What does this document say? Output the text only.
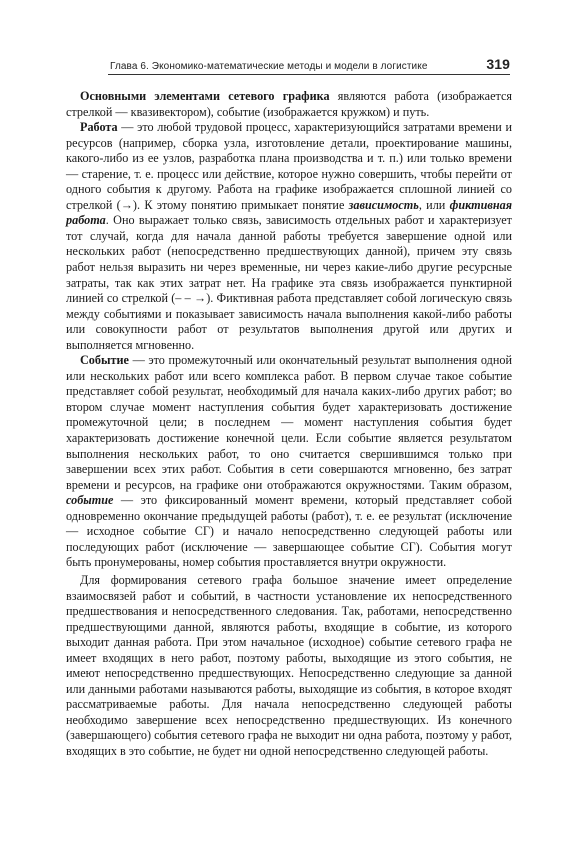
Глава 6. Экономико-математические методы и модели в логистике	319

Основными элементами сетевого графика являются работа (изображается стрелкой — квазивектором), событие (изображается кружком) и путь.

Работа — это любой трудовой процесс, характеризующийся затратами времени и ресурсов (например, сборка узла, изготовление детали, проектирование машины, какого-либо из ее узлов, разработка плана производства и т. п.) или только времени — старение, т. е. процесс или действие, которое нужно совершить, чтобы перейти от одного события к другому. Работа на графике изображается сплошной линией со стрелкой (→). К этому понятию примыкает понятие зависимость, или фиктивная работа. Оно выражает только связь, зависимость отдельных работ и характеризует тот случай, когда для начала данной работы требуется завершение одной или нескольких работ (непосредственно предшествующих данной), причем эту связь работ нельзя выразить ни через временные, ни через какие-либо другие ресурсные затраты, так как этих затрат нет. На графике эта связь изображается пунктирной линией со стрелкой (– – →). Фиктивная работа представляет собой логическую связь между событиями и показывает зависимость начала выполнения какой-либо работы или совокупности работ от результатов выполнения другой или других и выполняется мгновенно.

Событие — это промежуточный или окончательный результат выполнения одной или нескольких работ или всего комплекса работ. В первом случае такое событие представляет собой результат, необходимый для начала каких-либо других работ; во втором случае момент наступления события будет характеризовать достижение промежуточной цели; в последнем — момент наступления события будет характеризовать достижение конечной цели. Если событие является результатом выполнения нескольких работ, то оно считается свершившимся только при завершении всех этих работ. События в сети совершаются мгновенно, без затрат времени и ресурсов, на графике они отображаются окружностями. Таким образом, событие — это фиксированный момент времени, который представляет собой одновременно окончание предыдущей работы (работ), т. е. ее результат (исключение — исходное событие СГ) и начало непосредственно следующей работы или последующих работ (исключение — завершающее событие СГ). События могут быть пронумерованы, номер события проставляется внутри окружности.

Для формирования сетевого графа большое значение имеет определение взаимосвязей работ и событий, в частности установление их непосредственного предшествования и непосредственного следования. Так, работами, непосредственно предшествующими данной, являются работы, входящие в событие, из которого выходит данная работа. При этом начальное (исходное) событие сетевого графа не имеет входящих в него работ, поэтому работы, выходящие из этого события, не имеют непосредственно предшествующих. Непосредственно следующие за данной или данными работами называются работы, выходящие из события, в которое входят рассматриваемые работы. Для начала непосредственно следующей работы необходимо завершение всех непосредственно предшествующих. Из конечного (завершающего) события сетевого графа не выходит ни одна работа, поэтому у работ, входящих в это событие, не будет ни одной непосредственно следующей работы.
